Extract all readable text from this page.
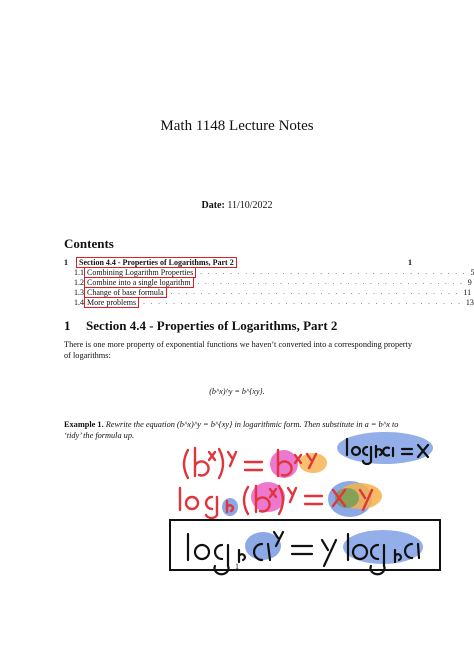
Math 1148 Lecture Notes
Date: 11/10/2022
Contents
1	Section 4.4 - Properties of Logarithms, Part 2	1
1.1 Combining Logarithm Properties	. . . . . . . . . . . . . . . . . . . . . . . . . . . . . . . . . . . . 5
1.2 Combine into a single logarithm	. . . . . . . . . . . . . . . . . . . . . . . . . . . . . . . . . . . . 9
1.3 Change of base formula	. . . . . . . . . . . . . . . . . . . . . . . . . . . . . . . . . . . . . . . 11
1.4 More problems	. . . . . . . . . . . . . . . . . . . . . . . . . . . . . . . . . . . . . . . . . . . 13
1 Section 4.4 - Properties of Logarithms, Part 2
There is one more property of exponential functions we haven’t converted into a corresponding property of logarithms:
(b^x)^y = b^{xy}.
Example 1. Rewrite the equation (b^x)^y = b^{xy} in logarithmic form. Then substitute in a = b^x to ‘tidy’ the formula up.
1
